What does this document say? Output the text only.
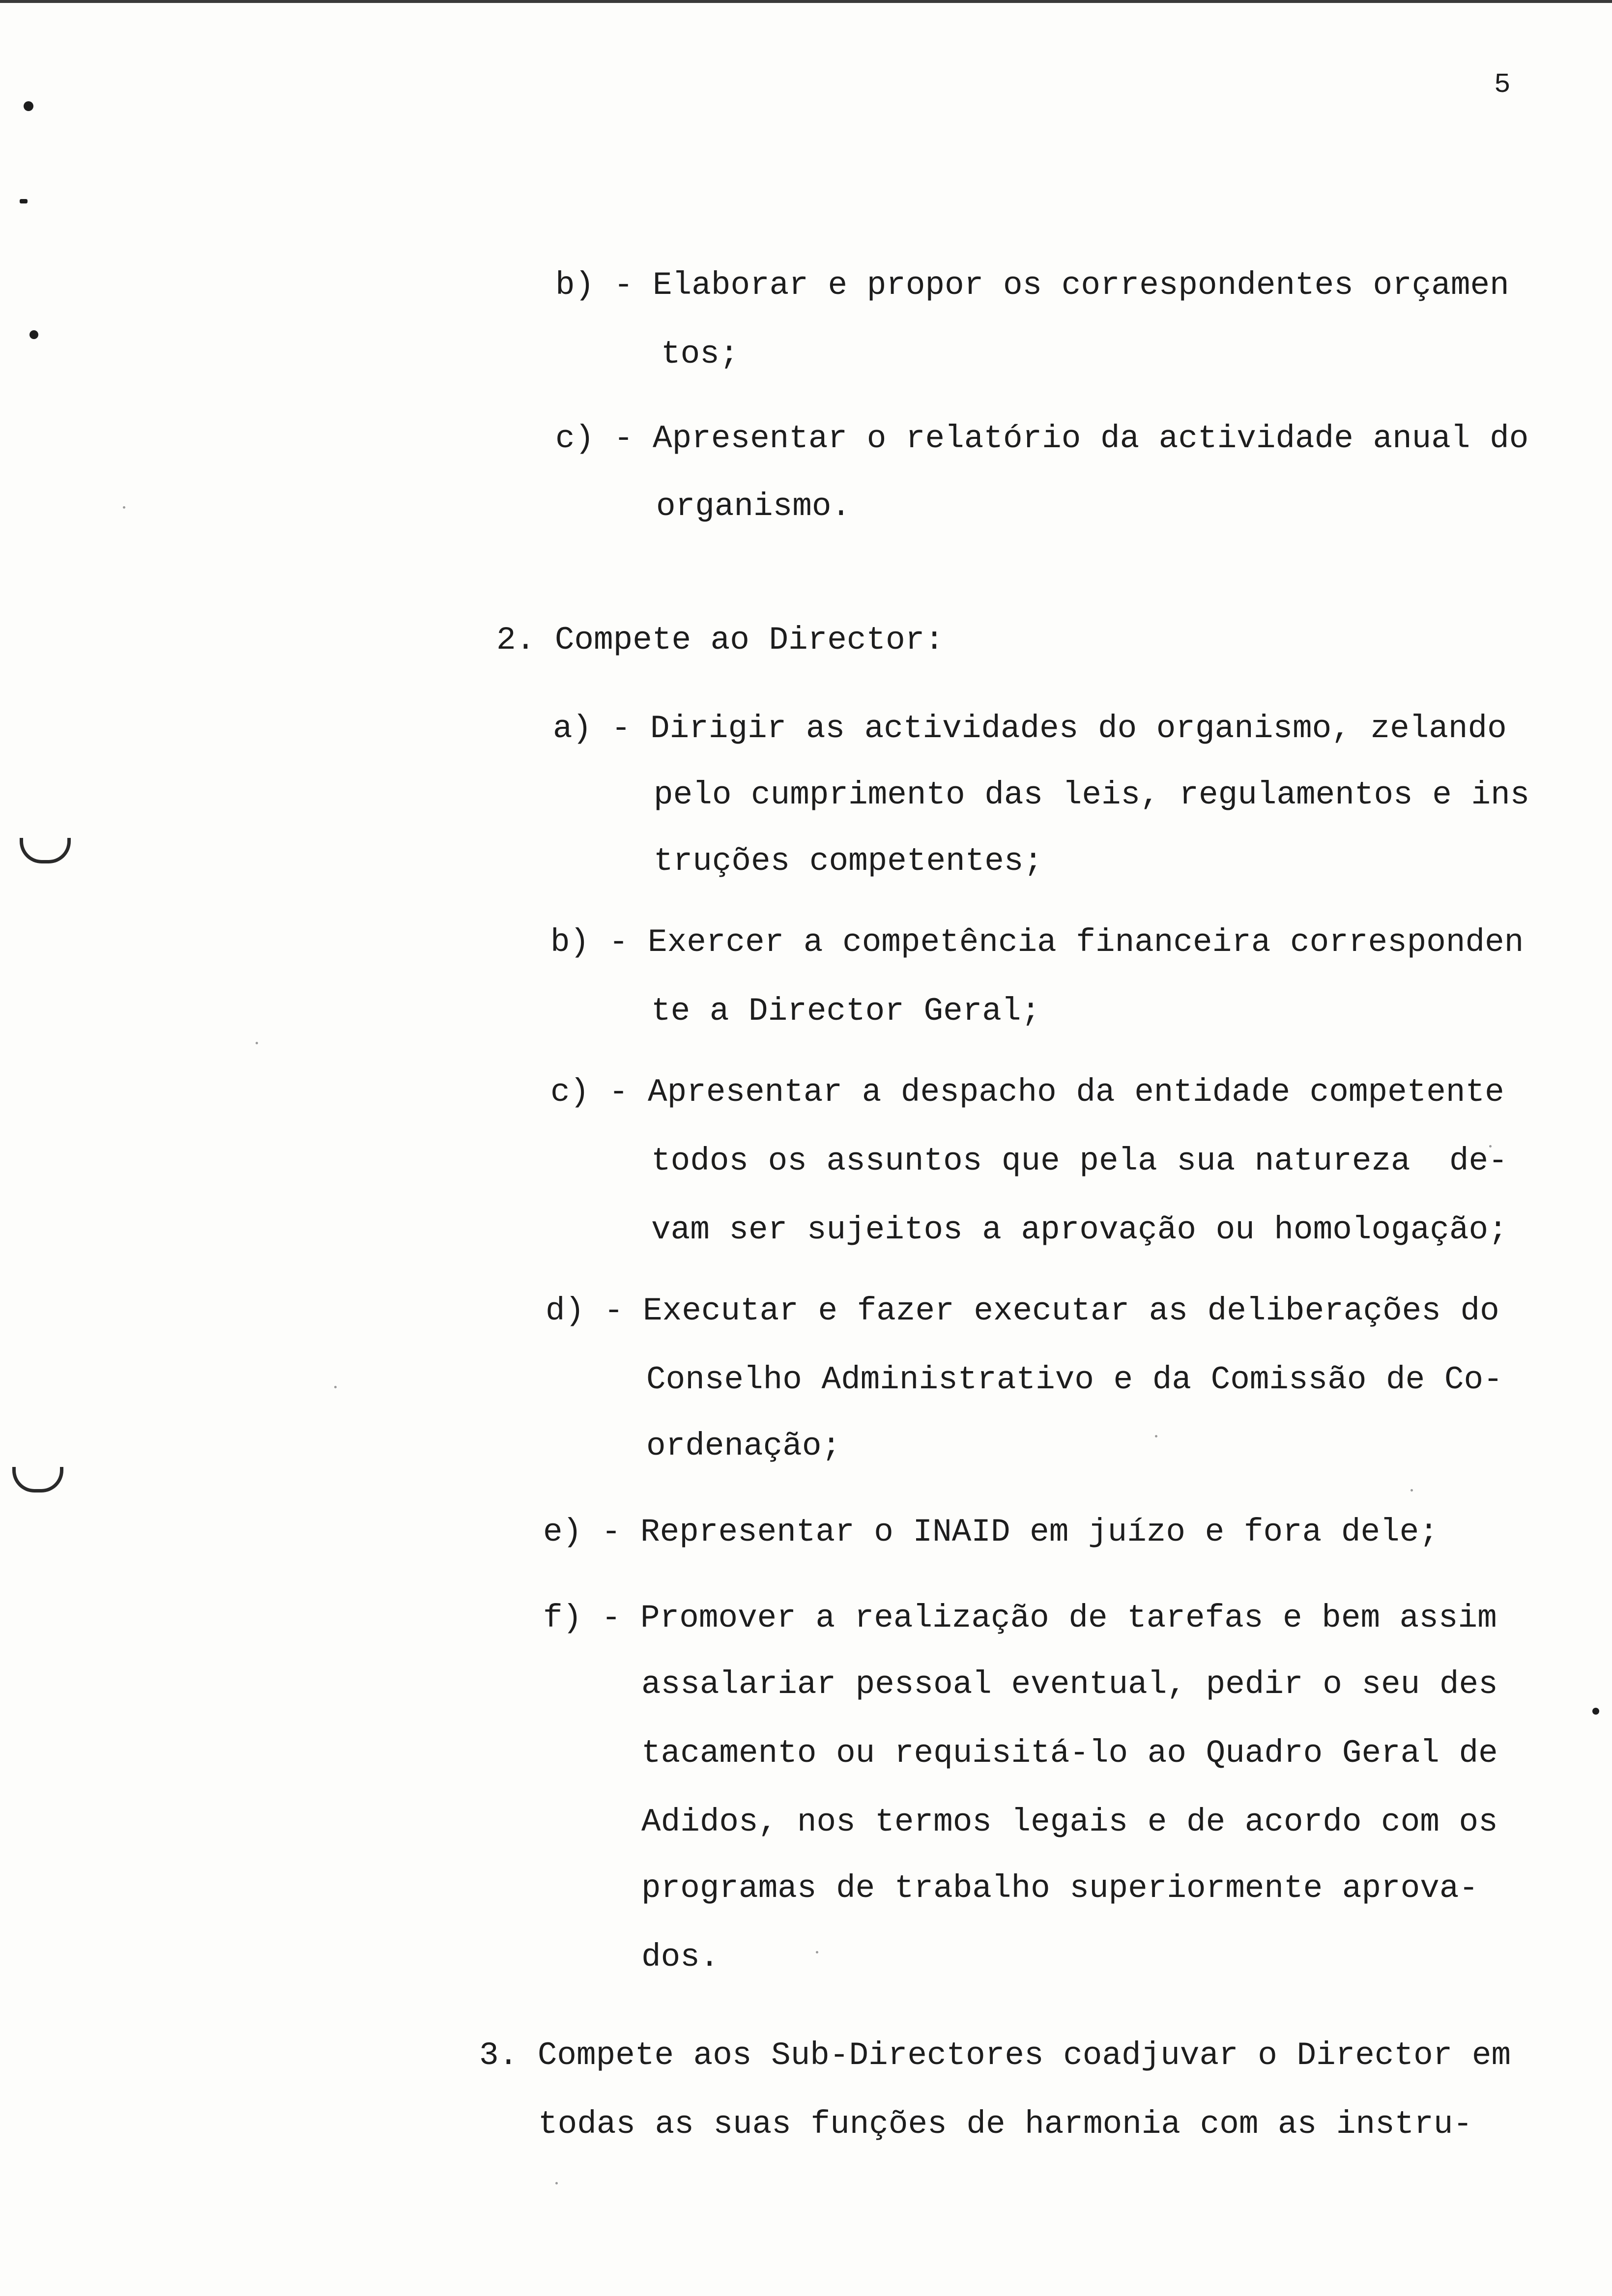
5
b) - Elaborar e propor os correspondentes orçamen
tos;
c) - Apresentar o relatório da actividade anual do
organismo.
2. Compete ao Director:
a) - Dirigir as actividades do organismo, zelando
pelo cumprimento das leis, regulamentos e ins
truções competentes;
b) - Exercer a competência financeira corresponden
te a Director Geral;
c) - Apresentar a despacho da entidade competente
todos os assuntos que pela sua natureza  de-
vam ser sujeitos a aprovação ou homologação;
d) - Executar e fazer executar as deliberações do
Conselho Administrativo e da Comissão de Co-
ordenação;
e) - Representar o INAID em juízo e fora dele;
f) - Promover a realização de tarefas e bem assim
assalariar pessoal eventual, pedir o seu des
tacamento ou requisitá-lo ao Quadro Geral de
Adidos, nos termos legais e de acordo com os
programas de trabalho superiormente aprova-
dos.
3. Compete aos Sub-Directores coadjuvar o Director em
todas as suas funções de harmonia com as instru-
